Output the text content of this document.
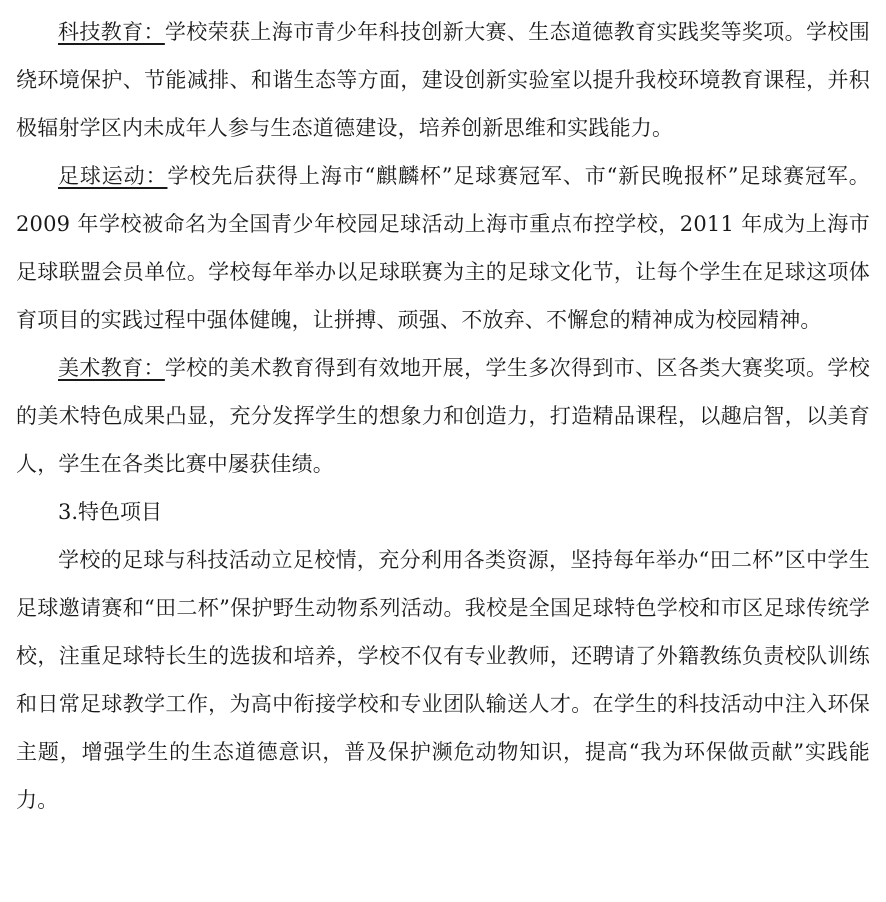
科技教育：学校荣获上海市青少年科技创新大赛、生态道德教育实践奖等奖项。学校围绕环境保护、节能减排、和谐生态等方面，建设创新实验室以提升我校环境教育课程，并积极辐射学区内未成年人参与生态道德建设，培养创新思维和实践能力。

足球运动：学校先后获得上海市“麒麟杯”足球赛冠军、市“新民晚报杯”足球赛冠军。2009 年学校被命名为全国青少年校园足球活动上海市重点布控学校，2011 年成为上海市足球联盟会员单位。学校每年举办以足球联赛为主的足球文化节，让每个学生在足球这项体育项目的实践过程中强体健魄，让拼搏、顽强、不放弃、不懈怠的精神成为校园精神。

美术教育：学校的美术教育得到有效地开展，学生多次得到市、区各类大赛奖项。学校的美术特色成果凸显，充分发挥学生的想象力和创造力，打造精品课程，以趣启智，以美育人，学生在各类比赛中屡获佳绩。

3.特色项目

学校的足球与科技活动立足校情，充分利用各类资源，坚持每年举办“田二杯”区中学生足球邀请赛和“田二杯”保护野生动物系列活动。我校是全国足球特色学校和市区足球传统学校，注重足球特长生的选拔和培养，学校不仅有专业教师，还聘请了外籍教练负责校队训练和日常足球教学工作，为高中衔接学校和专业团队输送人才。在学生的科技活动中注入环保主题，增强学生的生态道德意识，普及保护濒危动物知识，提高“我为环保做贡献”实践能力。
